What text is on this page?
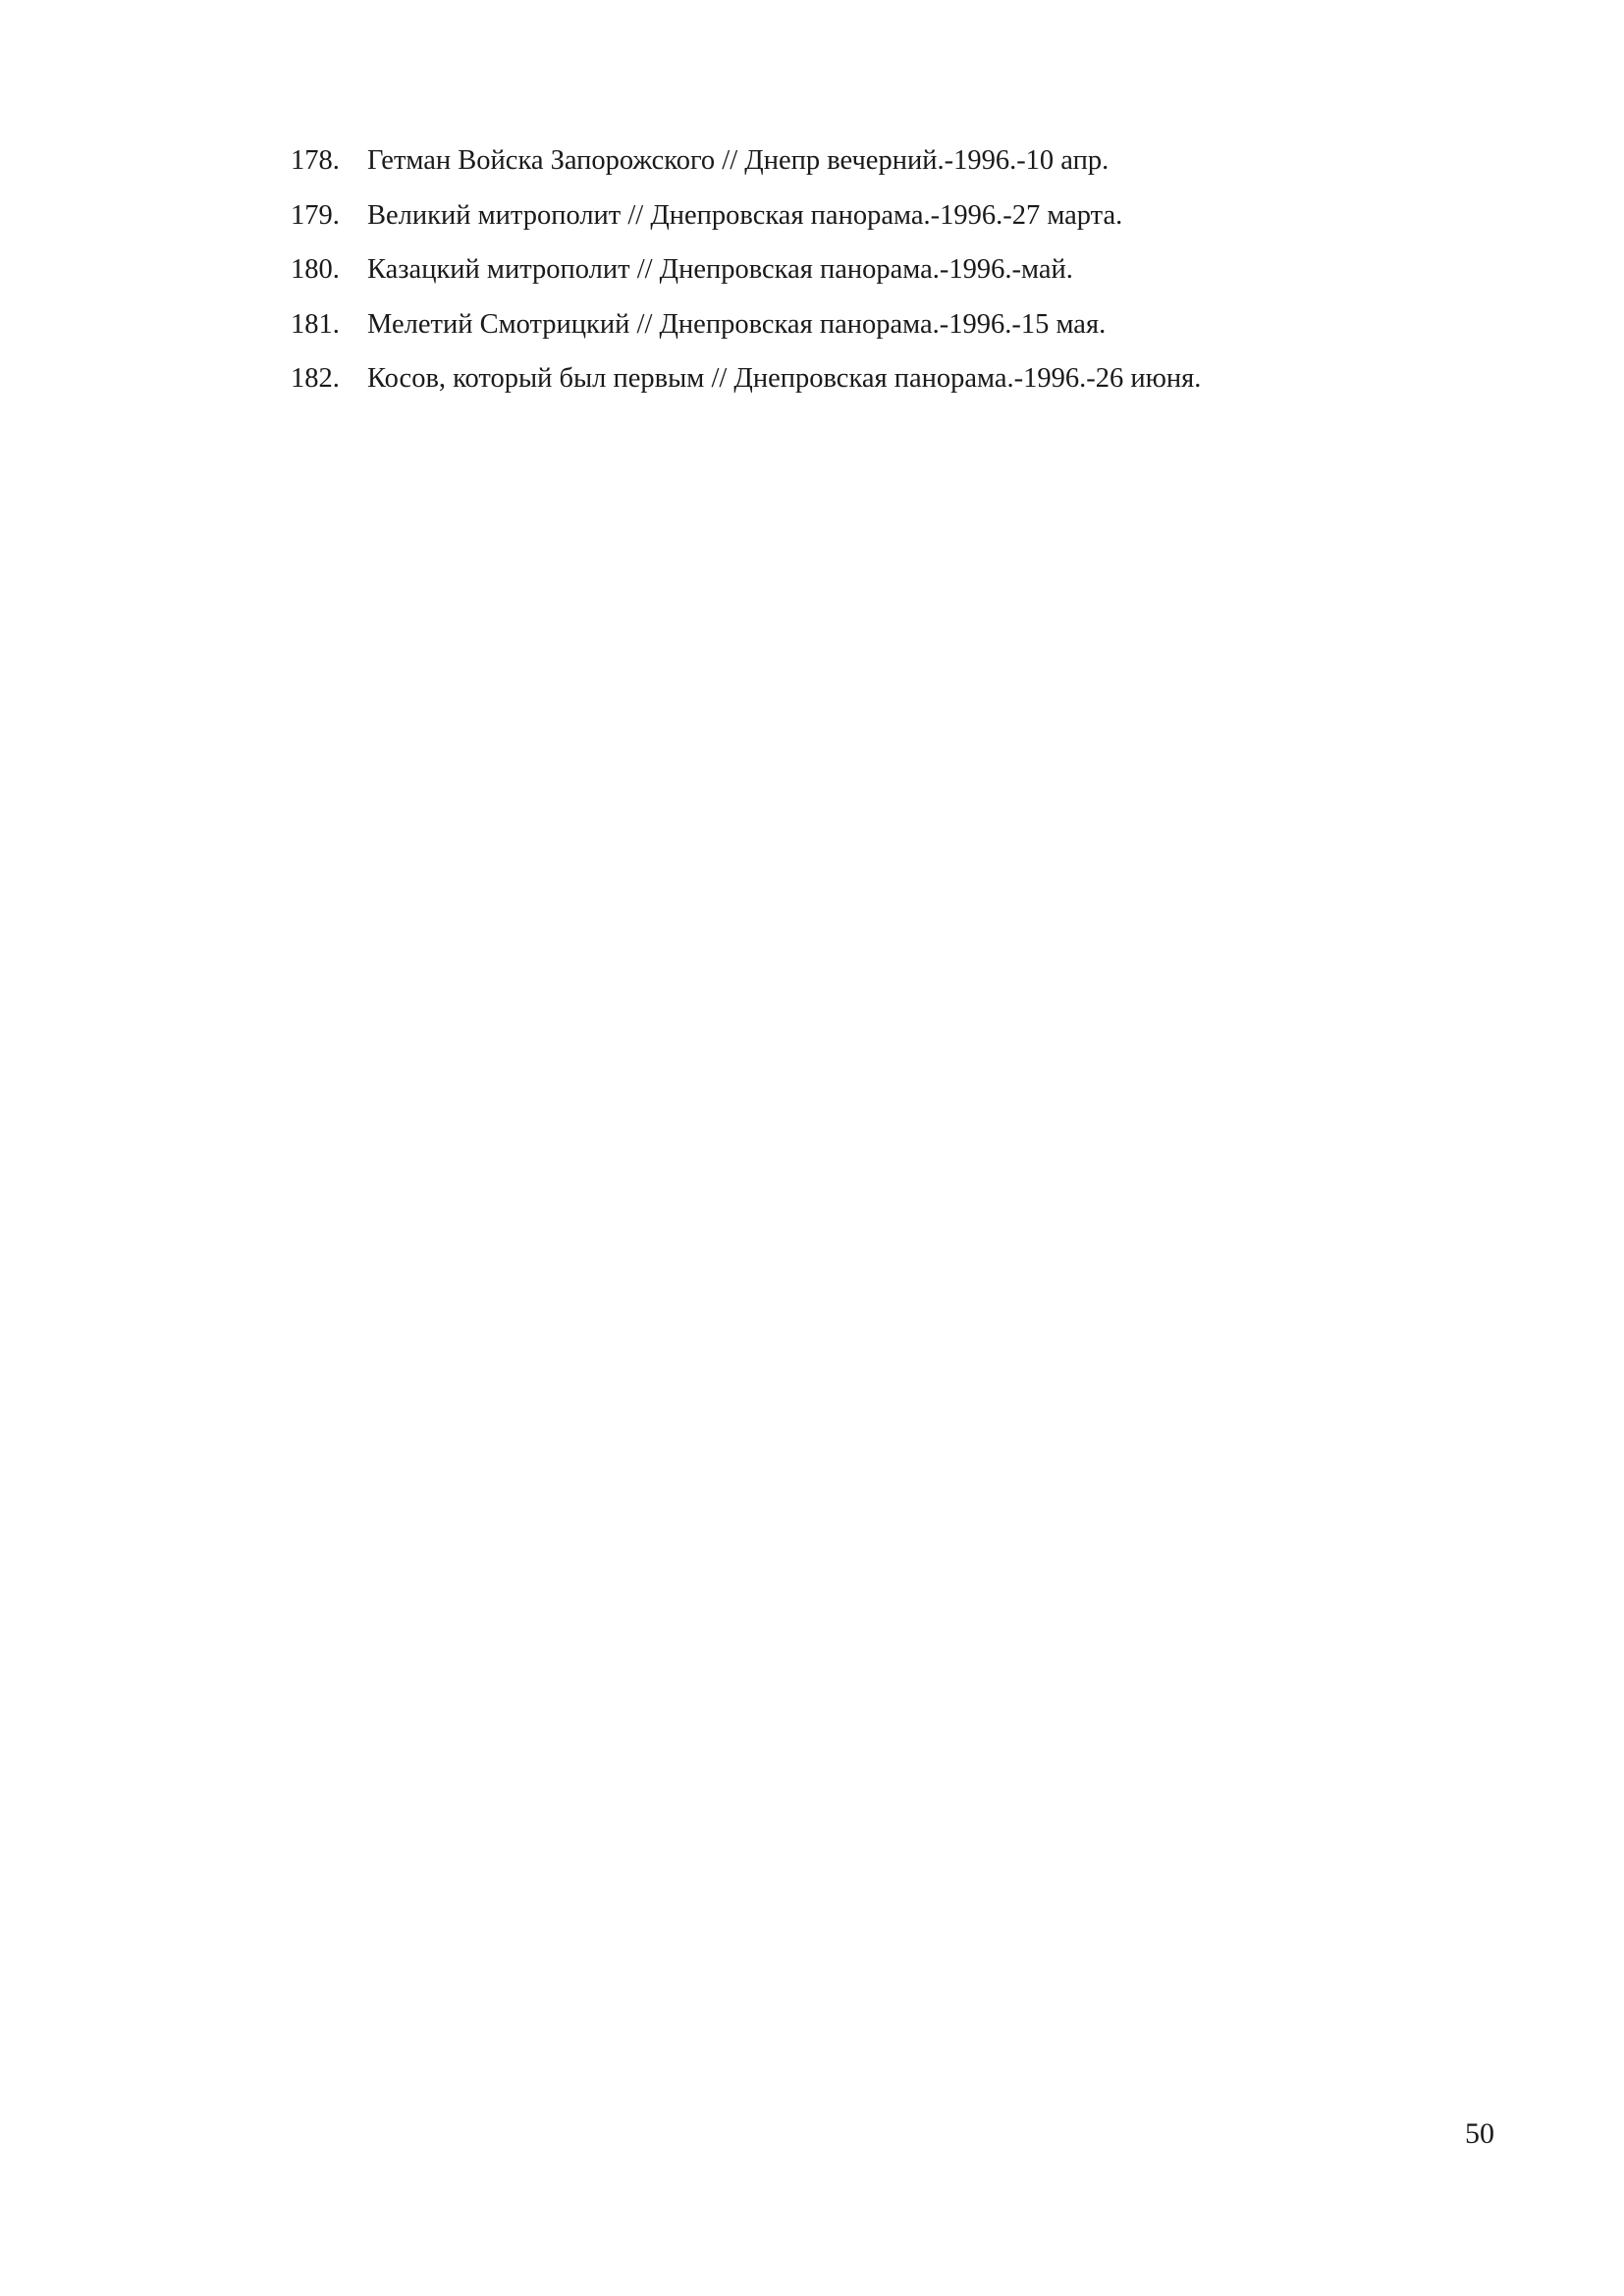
178. Гетман Войска Запорожского // Днепр вечерний.-1996.-10 апр.
179. Великий митрополит // Днепровская панорама.-1996.-27 марта.
180. Казацкий митрополит // Днепровская панорама.-1996.-май.
181. Мелетий Смотрицкий // Днепровская панорама.-1996.-15 мая.
182. Косов, который был первым // Днепровская панорама.-1996.-26 июня.
50
